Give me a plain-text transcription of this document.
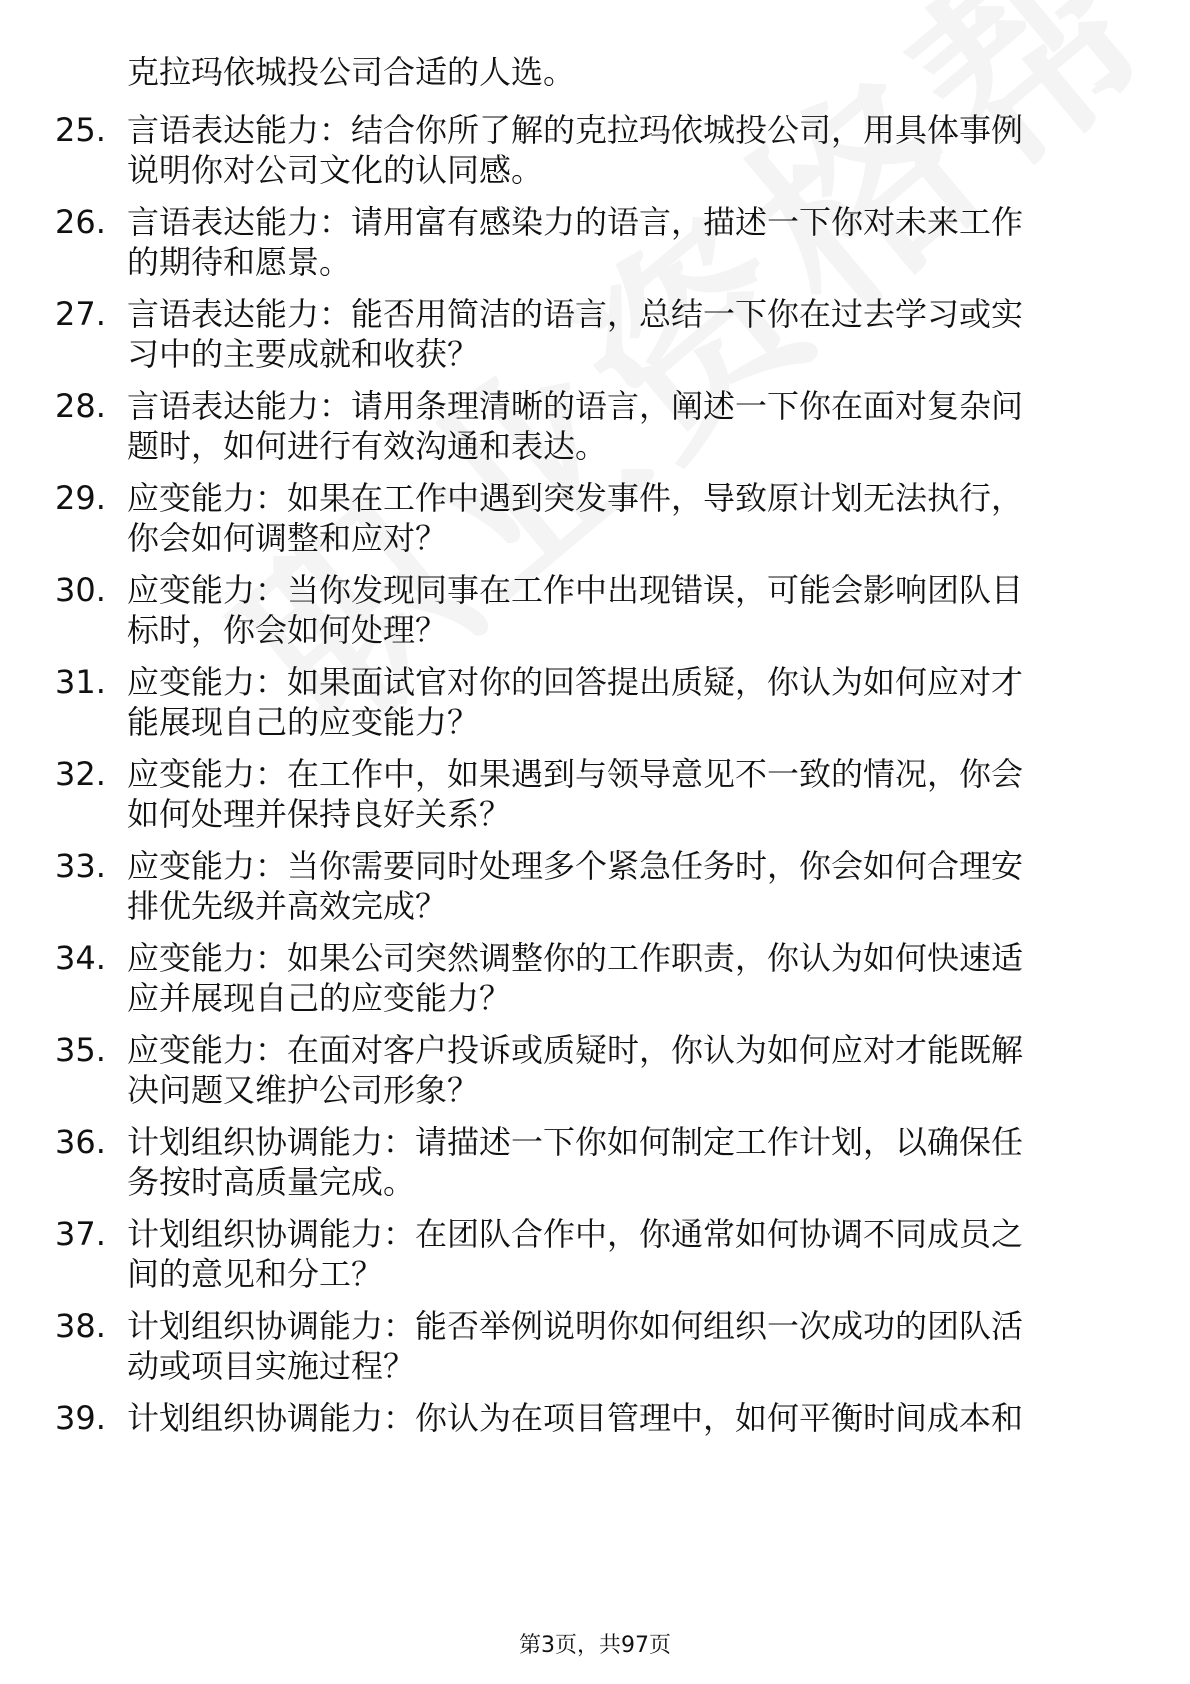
克拉玛依城投公司合适的人选。
25. 言语表达能力：结合你所了解的克拉玛依城投公司，用具体事例
说明你对公司文化的认同感。
26. 言语表达能力：请用富有感染力的语言，描述一下你对未来工作
的期待和愿景。
27. 言语表达能力：能否用简洁的语言，总结一下你在过去学习或实
习中的主要成就和收获？
28. 言语表达能力：请用条理清晰的语言，阐述一下你在面对复杂问
题时，如何进行有效沟通和表达。
29. 应变能力：如果在工作中遇到突发事件，导致原计划无法执行，
你会如何调整和应对？
30. 应变能力：当你发现同事在工作中出现错误，可能会影响团队目
标时，你会如何处理？
31. 应变能力：如果面试官对你的回答提出质疑，你认为如何应对才
能展现自己的应变能力？
32. 应变能力：在工作中，如果遇到与领导意见不一致的情况，你会
如何处理并保持良好关系？
33. 应变能力：当你需要同时处理多个紧急任务时，你会如何合理安
排优先级并高效完成？
34. 应变能力：如果公司突然调整你的工作职责，你认为如何快速适
应并展现自己的应变能力？
35. 应变能力：在面对客户投诉或质疑时，你认为如何应对才能既解
决问题又维护公司形象？
36. 计划组织协调能力：请描述一下你如何制定工作计划，以确保任
务按时高质量完成。
37. 计划组织协调能力：在团队合作中，你通常如何协调不同成员之
间的意见和分工？
38. 计划组织协调能力：能否举例说明你如何组织一次成功的团队活
动或项目实施过程？
39. 计划组织协调能力：你认为在项目管理中，如何平衡时间成本和
第3页，共97页
